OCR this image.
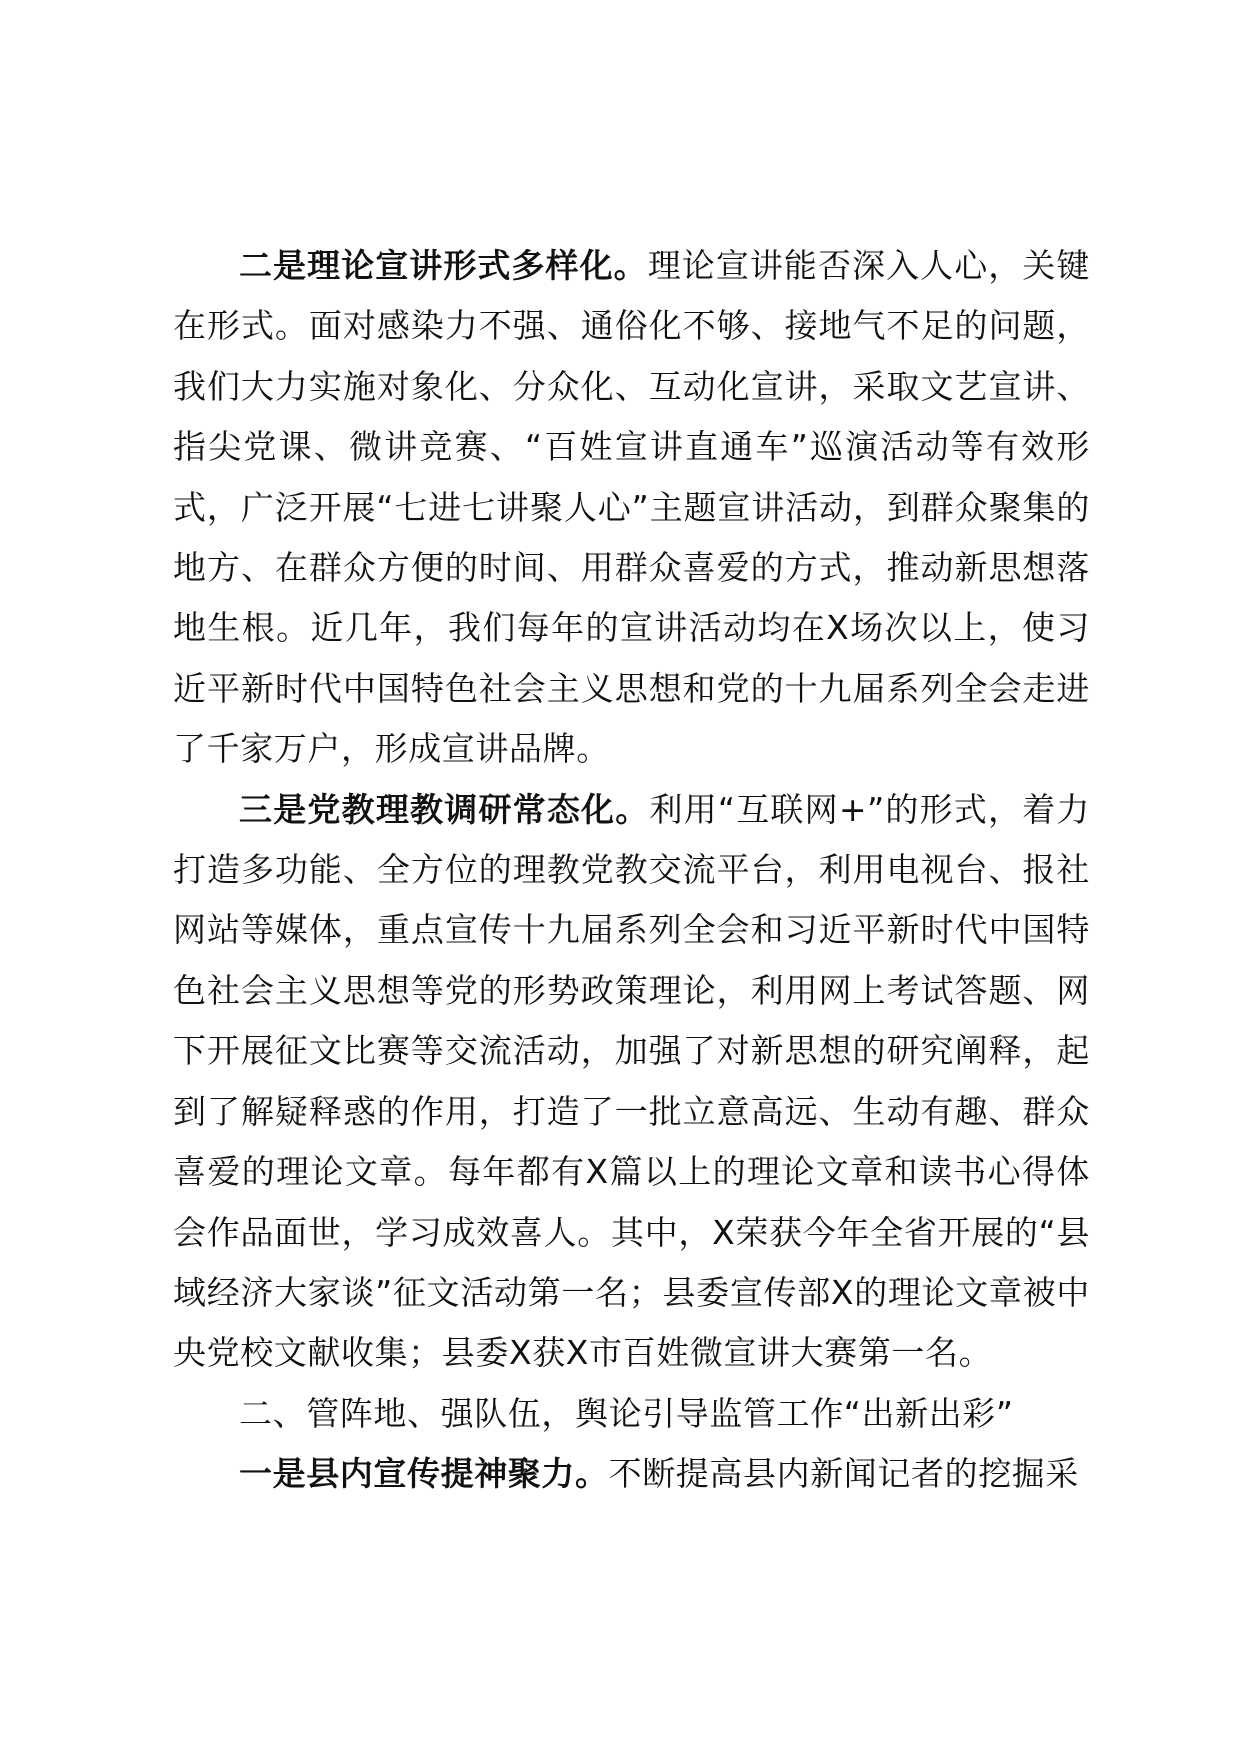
二是理论宣讲形式多样化。理论宣讲能否深入人心，关键在形式。面对感染力不强、通俗化不够、接地气不足的问题，我们大力实施对象化、分众化、互动化宣讲，采取文艺宣讲、指尖党课、微讲竞赛、“百姓宣讲直通车”巡演活动等有效形式，广泛开展“七进七讲聚人心”主题宣讲活动，到群众聚集的地方、在群众方便的时间、用群众喜爱的方式，推动新思想落地生根。近几年，我们每年的宣讲活动均在X场次以上，使习近平新时代中国特色社会主义思想和党的十九届系列全会走进了千家万户，形成宣讲品牌。

三是党教理教调研常态化。利用“互联网+”的形式，着力打造多功能、全方位的理教党教交流平台，利用电视台、报社网站等媒体，重点宣传十九届系列全会和习近平新时代中国特色社会主义思想等党的形势政策理论，利用网上考试答题、网下开展征文比赛等交流活动，加强了对新思想的研究阐释，起到了解疑释惑的作用，打造了一批立意高远、生动有趣、群众喜爱的理论文章。每年都有X篇以上的理论文章和读书心得体会作品面世，学习成效喜人。其中，X荣获今年全省开展的“县域经济大家谈”征文活动第一名；县委宣传部X的理论文章被中央党校文献收集；县委X获X市百姓微宣讲大赛第一名。

二、管阵地、强队伍，舆论引导监管工作“出新出彩”

一是县内宣传提神聚力。不断提高县内新闻记者的挖掘采
